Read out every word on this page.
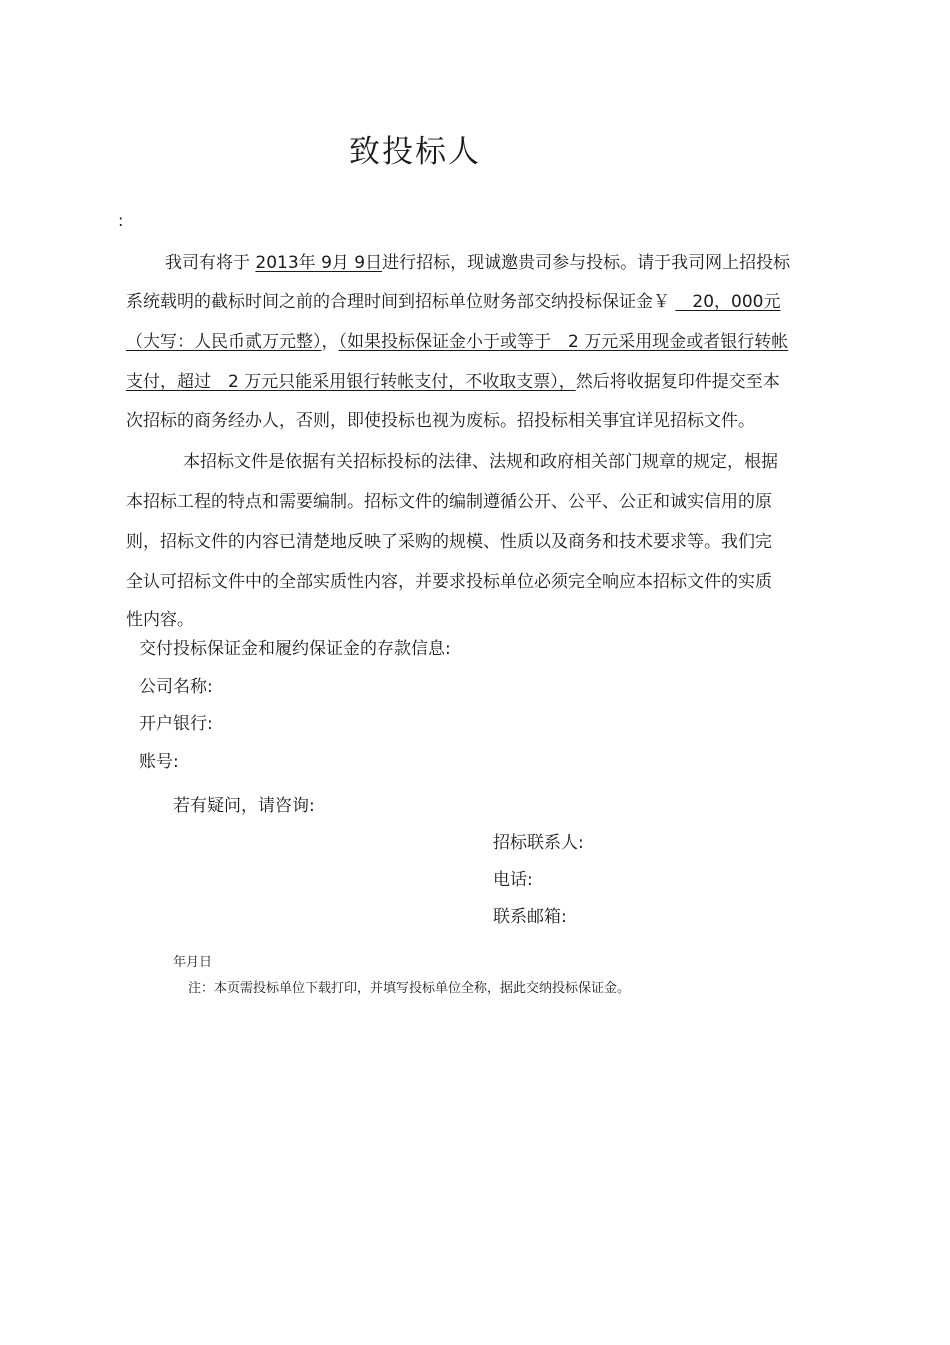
致投标人
:
我司有将于 2013年 9月 9日进行招标，现诚邀贵司参与投标。请于我司网上招投标
系统载明的截标时间之前的合理时间到招标单位财务部交纳投标保证金￥ 　20，000元
（大写：人民币贰万元整），（如果投标保证金小于或等于　2 万元采用现金或者银行转帐
支付，超过　2 万元只能采用银行转帐支付，不收取支票），然后将收据复印件提交至本
次招标的商务经办人，否则，即使投标也视为废标。招投标相关事宜详见招标文件。
本招标文件是依据有关招标投标的法律、法规和政府相关部门规章的规定，根据
本招标工程的特点和需要编制。招标文件的编制遵循公开、公平、公正和诚实信用的原
则，招标文件的内容已清楚地反映了采购的规模、性质以及商务和技术要求等。我们完
全认可招标文件中的全部实质性内容，并要求投标单位必须完全响应本招标文件的实质
性内容。
交付投标保证金和履约保证金的存款信息:
公司名称:
开户银行:
账号:
若有疑问，请咨询:
招标联系人:
电话:
联系邮箱:
年月日
注：本页需投标单位下载打印，并填写投标单位全称，据此交纳投标保证金。
